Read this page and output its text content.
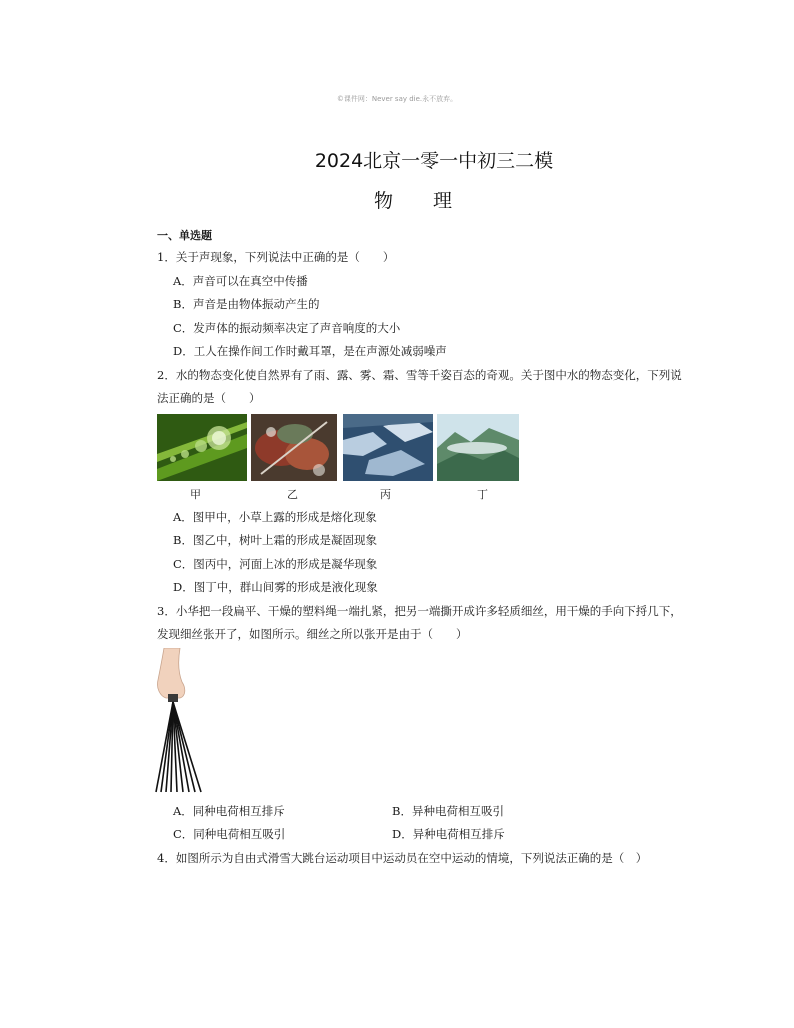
©课件网：Never say die.永不放弃。
2024北京一零一中初三二模
物理
一、单选题
1．关于声现象，下列说法中正确的是（　　）
A．声音可以在真空中传播
B．声音是由物体振动产生的
C．发声体的振动频率决定了声音响度的大小
D．工人在操作间工作时戴耳罩，是在声源处减弱噪声
2．水的物态变化使自然界有了雨、露、雾、霜、雪等千姿百态的奇观。关于图中水的物态变化，下列说
法正确的是（　　）
甲	乙	丙	丁
A．图甲中，小草上露的形成是熔化现象
B．图乙中，树叶上霜的形成是凝固现象
C．图丙中，河面上冰的形成是凝华现象
D．图丁中，群山间雾的形成是液化现象
3．小华把一段扁平、干燥的塑料绳一端扎紧，把另一端撕开成许多轻质细丝，用干燥的手向下捋几下，
发现细丝张开了，如图所示。细丝之所以张开是由于（　　）
A．同种电荷相互排斥	B．异种电荷相互吸引
C．同种电荷相互吸引	D．异种电荷相互排斥
4．如图所示为自由式滑雪大跳台运动项目中运动员在空中运动的情境，下列说法正确的是（　）
